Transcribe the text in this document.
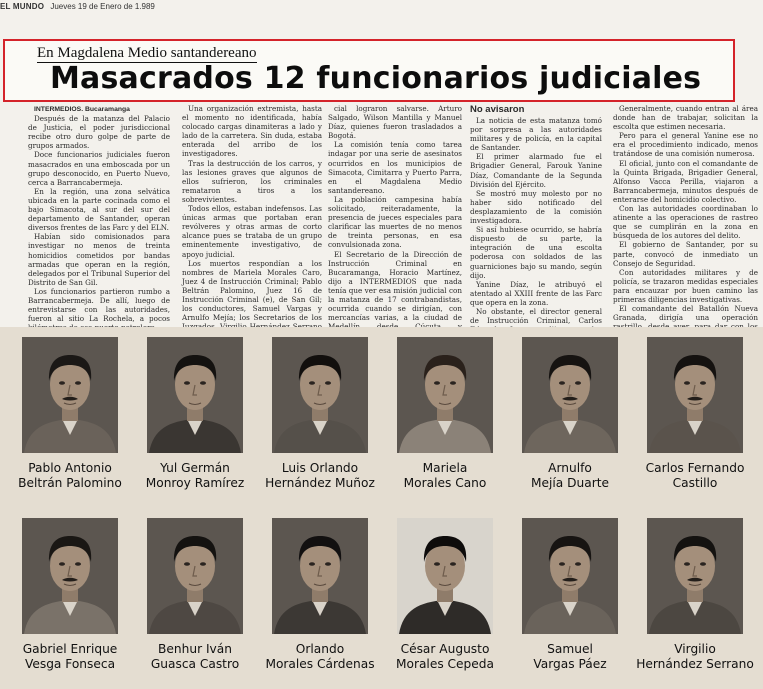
EL MUNDO Jueves 19 de Enero de 1.989
En Magdalena Medio santandereano
Masacrados 12 funcionarios judiciales

INTERMEDIOS. Bucaramanga

Después de la matanza del Palacio de Justicia, el poder jurisdiccional recibe otro duro golpe de parte de grupos armados.

Doce funcionarios judiciales fueron masacrados en una emboscada por un grupo desconocido, en Puerto Nuevo, cerca a Barrancabermeja.

En la región, una zona selvática ubicada en la parte cocinada como el bajo Simacota, al sur del sur del departamento de Santander, operan diversos frentes de las Farc y del ELN.

Habían sido comisionados para investigar no menos de treinta homicidios cometidos por bandas armadas que operan en la región, delegados por el Tribunal Superior del Distrito de San Gil.

Los funcionarios partieron rumbo a Barrancabermeja. De allí, luego de entrevistarse con las autoridades, fueron al sitio La Rochela, a pocos

Una organización extremista, hasta el momento no identificada, había colocado cargas dinamiteras a lado y lado de la carretera. Sin duda, estaba enterada del arribo de los investigadores.

Tras la destrucción de los carros, y las lesiones graves que algunos de ellos sufrieron, los criminales remataron a tiros a los sobrevivientes.

Todos ellos, estaban indefensos. Las únicas armas que portaban eran revólveres y otras armas de corto alcance pues se trataba de un grupo eminentemente investigativo, de apoyo judicial.

Los muertos respondían a los nombres de Mariela Morales Caro, Juez 4 de Instrucción Criminal; Pablo Beltrán Palomino, Juez 16 de Instrucción Criminal (e), de San Gil; los conductores, Samuel Vargas y Arnulfo Mejía; los Secretarios de los

cial lograron salvarse. Arturo Salgado, Wilson Mantilla y Manuel Díaz, quienes fueron trasladados a Bogotá.

La comisión tenía como tarea indagar por una serie de asesinatos ocurridos en los municipios de Simacota, Cimitarra y Puerto Parra, en el Magdalena Medio santandereano.

La población campesina había solicitado, reiteradamente, la presencia de jueces especiales para clarificar las muertes de no menos de treinta personas, en esa convulsionada zona.

El Secretario de la Dirección de Instrucción Criminal en Bucaramanga, Horacio Martínez, dijo a INTERMEDIOS que nada tenía que ver esa misión judicial con la matanza de 17 contrabandistas, ocurrida cuando se dirigían, con mercancías varias, a la ciudad de

No avisaron

La noticia de esta matanza tomó por sorpresa a las autoridades militares y de policía, en la capital de Santander.

El primer alarmado fue el Brigadier General, Farouk Yanine Díaz, Comandante de la Segunda División del Ejército.

Se mostró muy molesto por no haber sido notificado del desplazamiento de la comisión investigadora.

Si así hubiese ocurrido, se habría dispuesto de su parte, la integración de una escolta poderosa con soldados de las guarniciones bajo su mando, según dijo.

Yanine Díaz, le atribuyó el atentado al XXIII frente de las Farc que opera en la zona.

No obstante, el director general de Instrucción Criminal, Carlos

Generalmente, cuando entran al área donde han de trabajar, solicitan la escolta que estimen necesaria.

Pero para el general Yanine ese no era el procedimiento indicado, menos tratándose de una comisión numerosa.

El oficial, junto con el comandante de la Quinta Brigada, Brigadier General, Alfonso Vacca Perilla, viajaron a Barrancabermeja, minutos después de enterarse del homicidio colectivo.

Con las autoridades coordinaban lo atinente a las operaciones de rastreo que se cumplirán en la zona en búsqueda de los autores del delito.

El gobierno de Santander, por su parte, convocó de inmediato un Consejo de Seguridad.

Con autoridades militares y de policía, se trazaron medidas especiales para encauzar por buen camino las primeras diligencias investigativas.

El comandante del Batallón Nueva Granada, dirigía una operación

Pablo Antonio
Beltrán Palomino
Yul Germán
Monroy Ramírez
Luis Orlando
Hernández Muñoz
Mariela
Morales Cano
Arnulfo
Mejía Duarte
Carlos Fernando
Castillo
Gabriel Enrique
Vesga Fonseca
Benhur Iván
Guasca Castro
Orlando
Morales Cárdenas
César Augusto
Morales Cepeda
Samuel
Vargas Páez
Virgilio
Hernández Serrano
